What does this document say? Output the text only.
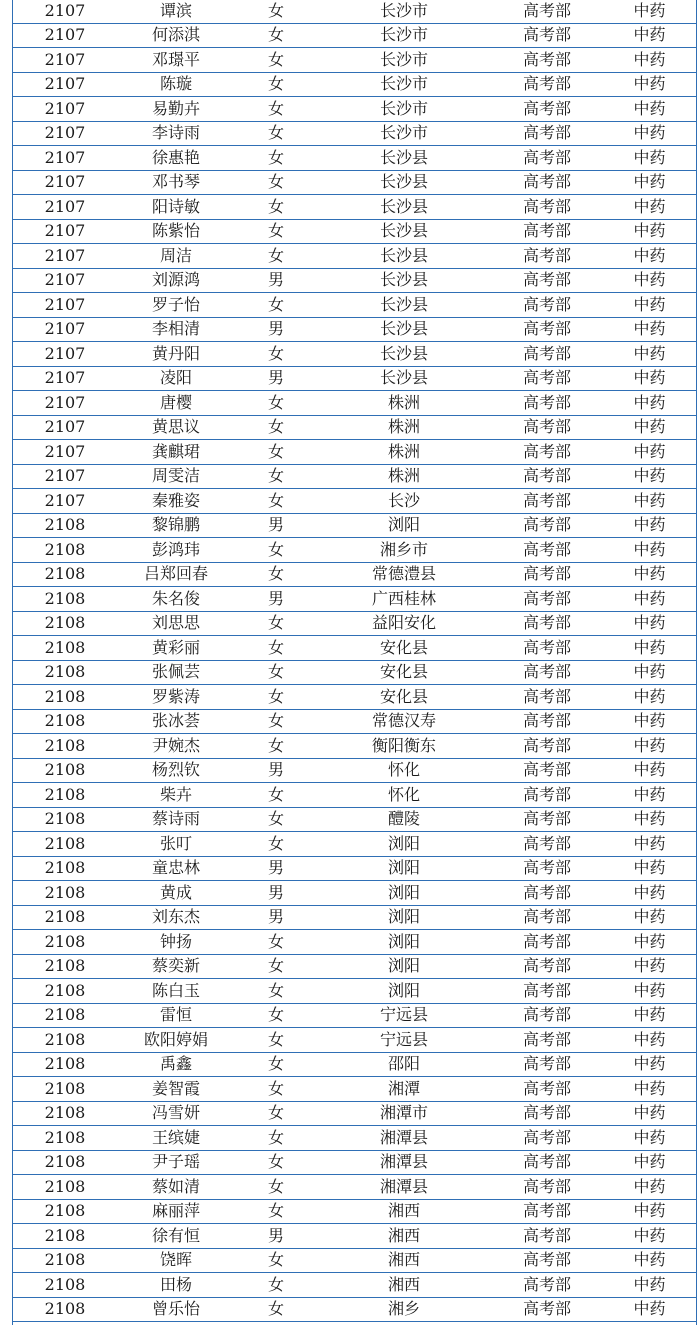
2107	谭滨	女	长沙市	高考部	中药
2107	何添淇	女	长沙市	高考部	中药
2107	邓璟平	女	长沙市	高考部	中药
2107	陈璇	女	长沙市	高考部	中药
2107	易勤卉	女	长沙市	高考部	中药
2107	李诗雨	女	长沙市	高考部	中药
2107	徐惠艳	女	长沙县	高考部	中药
2107	邓书琴	女	长沙县	高考部	中药
2107	阳诗敏	女	长沙县	高考部	中药
2107	陈紫怡	女	长沙县	高考部	中药
2107	周洁	女	长沙县	高考部	中药
2107	刘源鸿	男	长沙县	高考部	中药
2107	罗子怡	女	长沙县	高考部	中药
2107	李相清	男	长沙县	高考部	中药
2107	黄丹阳	女	长沙县	高考部	中药
2107	凌阳	男	长沙县	高考部	中药
2107	唐樱	女	株洲	高考部	中药
2107	黄思议	女	株洲	高考部	中药
2107	龚麒珺	女	株洲	高考部	中药
2107	周雯洁	女	株洲	高考部	中药
2107	秦雅姿	女	长沙	高考部	中药
2108	黎锦鹏	男	浏阳	高考部	中药
2108	彭鸿玮	女	湘乡市	高考部	中药
2108	吕郑回春	女	常德澧县	高考部	中药
2108	朱名俊	男	广西桂林	高考部	中药
2108	刘思思	女	益阳安化	高考部	中药
2108	黄彩丽	女	安化县	高考部	中药
2108	张佩芸	女	安化县	高考部	中药
2108	罗紫涛	女	安化县	高考部	中药
2108	张冰荟	女	常德汉寿	高考部	中药
2108	尹婉杰	女	衡阳衡东	高考部	中药
2108	杨烈钦	男	怀化	高考部	中药
2108	柴卉	女	怀化	高考部	中药
2108	蔡诗雨	女	醴陵	高考部	中药
2108	张叮	女	浏阳	高考部	中药
2108	童忠林	男	浏阳	高考部	中药
2108	黄成	男	浏阳	高考部	中药
2108	刘东杰	男	浏阳	高考部	中药
2108	钟扬	女	浏阳	高考部	中药
2108	蔡奕新	女	浏阳	高考部	中药
2108	陈白玉	女	浏阳	高考部	中药
2108	雷恒	女	宁远县	高考部	中药
2108	欧阳婷娟	女	宁远县	高考部	中药
2108	禹鑫	女	邵阳	高考部	中药
2108	姜智霞	女	湘潭	高考部	中药
2108	冯雪妍	女	湘潭市	高考部	中药
2108	王缤婕	女	湘潭县	高考部	中药
2108	尹子瑶	女	湘潭县	高考部	中药
2108	蔡如清	女	湘潭县	高考部	中药
2108	麻丽萍	女	湘西	高考部	中药
2108	徐有恒	男	湘西	高考部	中药
2108	饶晖	女	湘西	高考部	中药
2108	田杨	女	湘西	高考部	中药
2108	曾乐怡	女	湘乡	高考部	中药
